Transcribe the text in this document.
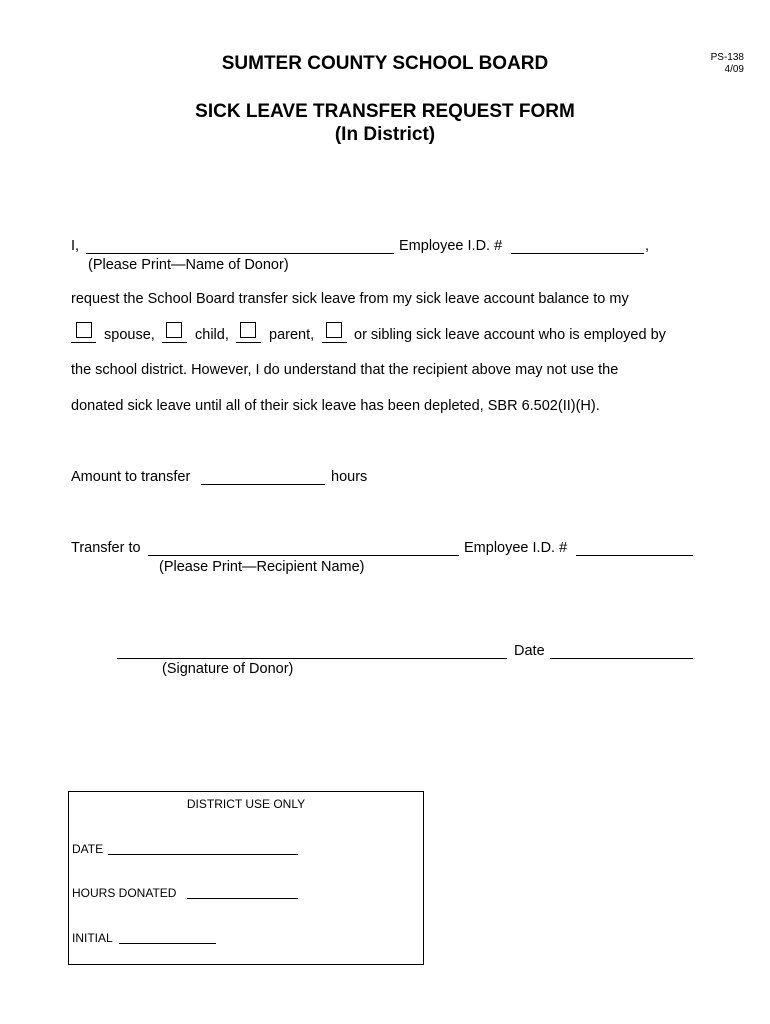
PS-138
4/09
SUMTER COUNTY SCHOOL BOARD
SICK LEAVE TRANSFER REQUEST FORM
(In District)
I,	Employee I.D. #	,
(Please Print—Name of Donor)
request the School Board transfer sick leave from my sick leave account balance to my
spouse,	child,	parent,	or sibling sick leave account who is employed by
the school district. However, I do understand that the recipient above may not use the
donated sick leave until all of their sick leave has been depleted, SBR 6.502(II)(H).
Amount to transfer	hours
Transfer to	Employee I.D. #
(Please Print—Recipient Name)
Date
(Signature of Donor)
DISTRICT USE ONLY
DATE
HOURS DONATED
INITIAL
